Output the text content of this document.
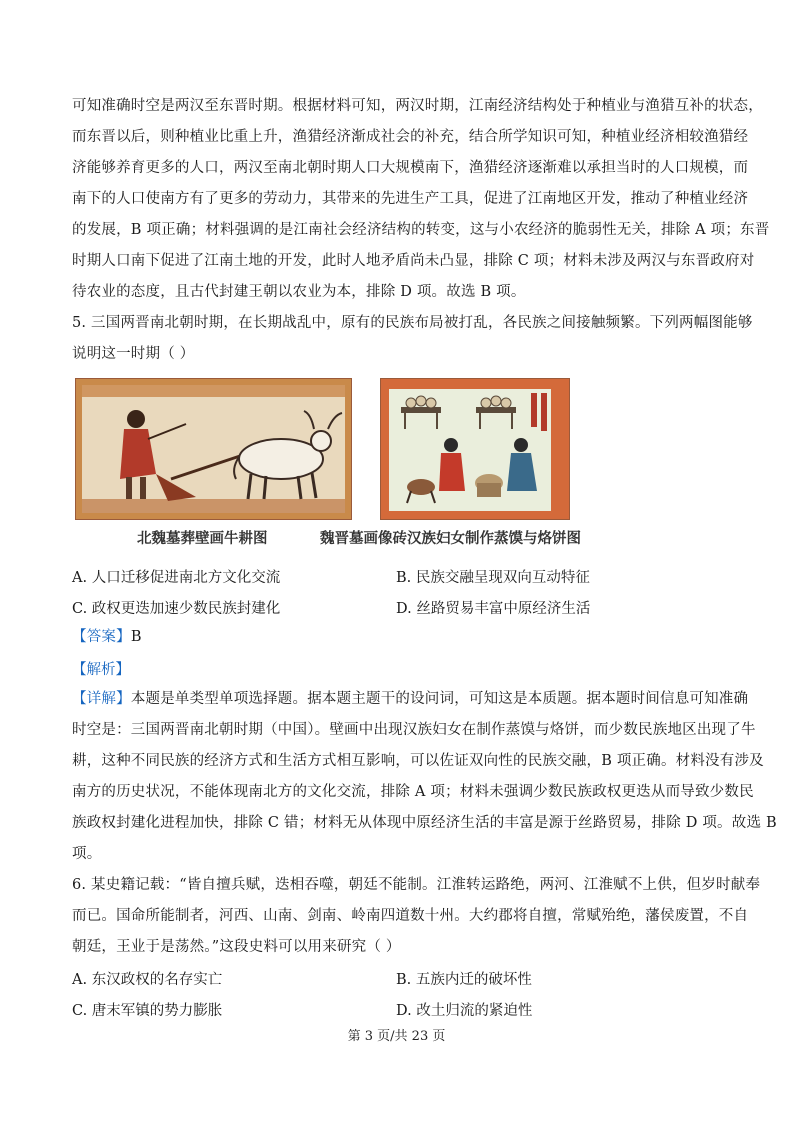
可知准确时空是两汉至东晋时期。根据材料可知，两汉时期，江南经济结构处于种植业与渔猎互补的状态，
而东晋以后，则种植业比重上升，渔猎经济渐成社会的补充，结合所学知识可知，种植业经济相较渔猎经
济能够养育更多的人口，两汉至南北朝时期人口大规模南下，渔猎经济逐渐难以承担当时的人口规模，而
南下的人口使南方有了更多的劳动力，其带来的先进生产工具，促进了江南地区开发，推动了种植业经济
的发展，B 项正确；材料强调的是江南社会经济结构的转变，这与小农经济的脆弱性无关，排除 A 项；东晋
时期人口南下促进了江南土地的开发，此时人地矛盾尚未凸显，排除 C 项；材料未涉及两汉与东晋政府对
待农业的态度，且古代封建王朝以农业为本，排除 D 项。故选 B 项。
5. 三国两晋南北朝时期，在长期战乱中，原有的民族布局被打乱，各民族之间接触频繁。下列两幅图能够
说明这一时期（ ）
北魏墓葬壁画牛耕图	魏晋墓画像砖汉族妇女制作蒸馍与烙饼图
A. 人口迁移促进南北方文化交流	B. 民族交融呈现双向互动特征
C. 政权更迭加速少数民族封建化	D. 丝路贸易丰富中原经济生活
【答案】B
【解析】
【详解】本题是单类型单项选择题。据本题主题干的设问词，可知这是本质题。据本题时间信息可知准确
时空是：三国两晋南北朝时期（中国）。壁画中出现汉族妇女在制作蒸馍与烙饼，而少数民族地区出现了牛
耕，这种不同民族的经济方式和生活方式相互影响，可以佐证双向性的民族交融，B 项正确。材料没有涉及
南方的历史状况，不能体现南北方的文化交流，排除 A 项；材料未强调少数民族政权更迭从而导致少数民
族政权封建化进程加快，排除 C 错；材料无从体现中原经济生活的丰富是源于丝路贸易，排除 D 项。故选 B
项。
6. 某史籍记载：“皆自擅兵赋，迭相吞噬，朝廷不能制。江淮转运路绝，两河、江淮赋不上供，但岁时献奉
而已。国命所能制者，河西、山南、剑南、岭南四道数十州。大约郡将自擅，常赋殆绝，藩侯废置，不自
朝廷，王业于是荡然。”这段史料可以用来研究（ ）
A. 东汉政权的名存实亡	B. 五族内迁的破坏性
C. 唐末军镇的势力膨胀	D. 改土归流的紧迫性
第 3 页/共 23 页
